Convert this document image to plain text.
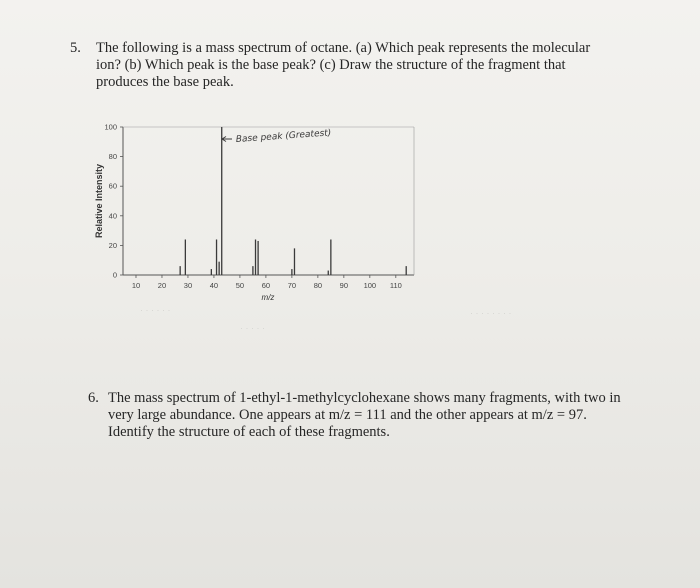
5. The following is a mass spectrum of octane. (a) Which peak represents the molecular
ion? (b) Which peak is the base peak? (c) Draw the structure of the fragment that
produces the base peak.
0
20
40
60
80
100
10 20 30 40 50 60 70 80 90 100 110
Relative Intensity
m/z
Base peak (Greatest)
· · · · · ·
· · · · ·
· · · · · · · ·
6. The mass spectrum of 1-ethyl-1-methylcyclohexane shows many fragments, with two in
very large abundance. One appears at m/z = 111 and the other appears at m/z = 97.
Identify the structure of each of these fragments.
